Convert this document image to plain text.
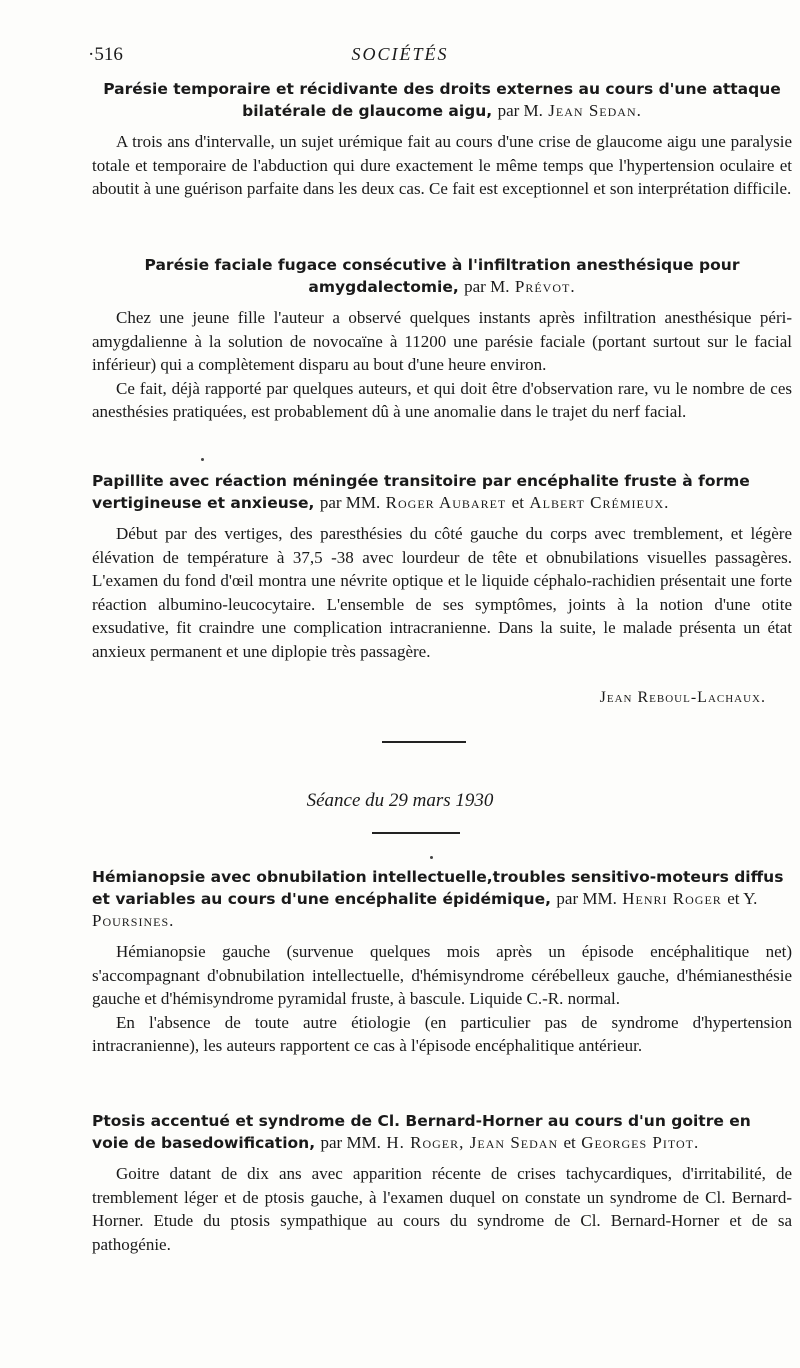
·516	SOCIÉTÉS

Parésie temporaire et récidivante des droits externes au cours d'une attaque bilatérale de glaucome aigu, par M. Jean Sedan.

A trois ans d'intervalle, un sujet urémique fait au cours d'une crise de glaucome aigu une paralysie totale et temporaire de l'abduction qui dure exactement le même temps que l'hypertension oculaire et aboutit à une guérison parfaite dans les deux cas. Ce fait est exceptionnel et son interprétation difficile.

Parésie faciale fugace consécutive à l'infiltration anesthésique pour amygdalectomie, par M. Prévot.

Chez une jeune fille l'auteur a observé quelques instants après infiltration anesthésique péri-amygdalienne à la solution de novocaïne à 11200 une parésie faciale (portant surtout sur le facial inférieur) qui a complètement disparu au bout d'une heure environ.

Ce fait, déjà rapporté par quelques auteurs, et qui doit être d'observation rare, vu le nombre de ces anesthésies pratiquées, est probablement dû à une anomalie dans le trajet du nerf facial.

Papillite avec réaction méningée transitoire par encéphalite fruste à forme vertigineuse et anxieuse, par MM. Roger Aubaret et Albert Crémieux.

Début par des vertiges, des paresthésies du côté gauche du corps avec tremblement, et légère élévation de température à 37,5 -38 avec lourdeur de tête et obnubilations visuelles passagères. L'examen du fond d'œil montra une névrite optique et le liquide céphalo-rachidien présentait une forte réaction albumino-leucocytaire. L'ensemble de ses symptômes, joints à la notion d'une otite exsudative, fit craindre une complication intracranienne. Dans la suite, le malade présenta un état anxieux permanent et une diplopie très passagère.

Jean Reboul-Lachaux.
Séance du 29 mars 1930

Hémianopsie avec obnubilation intellectuelle,troubles sensitivo-moteurs diffus et variables au cours d'une encéphalite épidémique, par MM. Henri Roger et Y. Poursines.

Hémianopsie gauche (survenue quelques mois après un épisode encéphalitique net) s'accompagnant d'obnubilation intellectuelle, d'hémisyndrome cérébelleux gauche, d'hémianesthésie gauche et d'hémisyndrome pyramidal fruste, à bascule. Liquide C.-R. normal.

En l'absence de toute autre étiologie (en particulier pas de syndrome d'hypertension intracranienne), les auteurs rapportent ce cas à l'épisode encéphalitique antérieur.

Ptosis accentué et syndrome de Cl. Bernard-Horner au cours d'un goitre en voie de basedowification, par MM. H. Roger, Jean Sedan et Georges Pitot.

Goitre datant de dix ans avec apparition récente de crises tachycardiques, d'irritabilité, de tremblement léger et de ptosis gauche, à l'examen duquel on constate un syndrome de Cl. Bernard-Horner. Etude du ptosis sympathique au cours du syndrome de Cl. Bernard-Horner et de sa pathogénie.
